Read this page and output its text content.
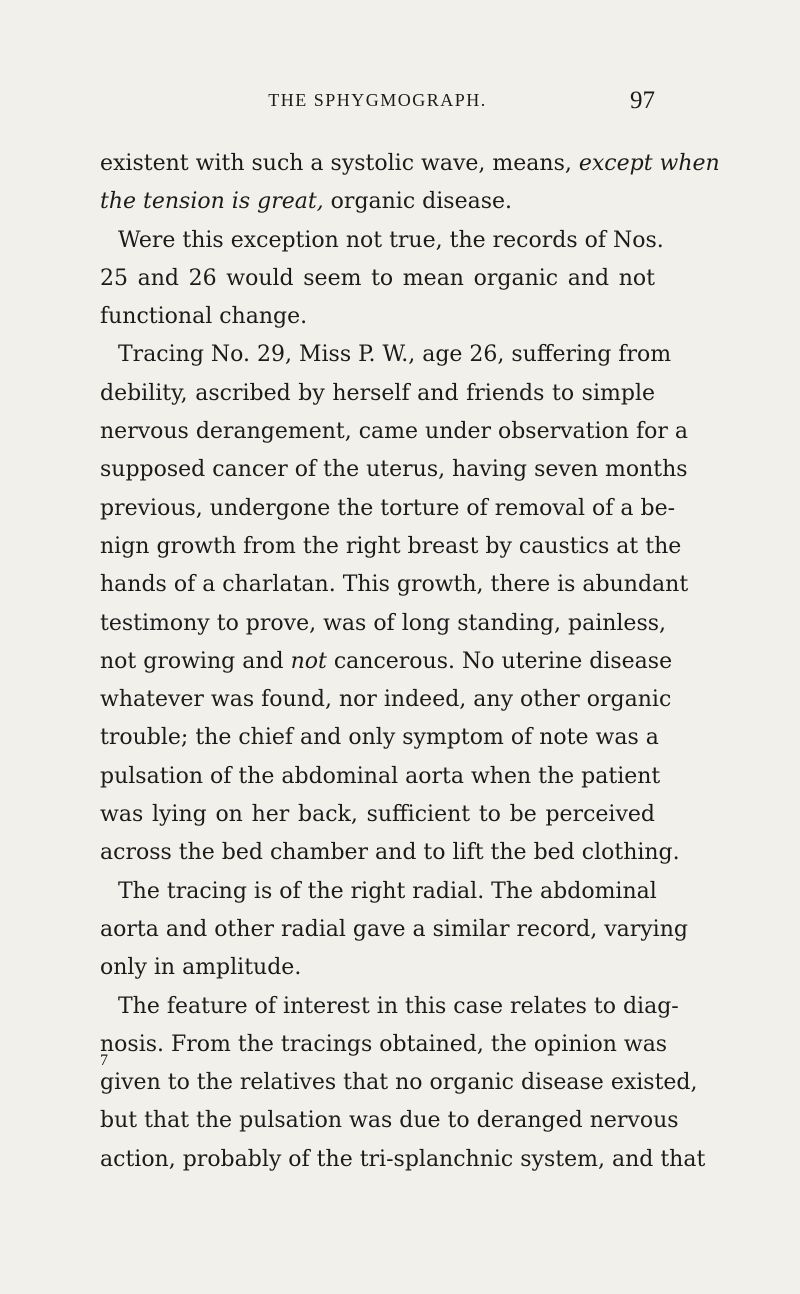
THE SPHYGMOGRAPH.	97
existent with such a systolic wave, means, except when
the tension is great, organic disease.
Were this exception not true, the records of Nos.
25 and 26 would seem to mean organic and not
functional change.
Tracing No. 29, Miss P. W., age 26, suffering from
debility, ascribed by herself and friends to simple
nervous derangement, came under observation for a
supposed cancer of the uterus, having seven months
previous, undergone the torture of removal of a be-
nign growth from the right breast by caustics at the
hands of a charlatan. This growth, there is abundant
testimony to prove, was of long standing, painless,
not growing and not cancerous. No uterine disease
whatever was found, nor indeed, any other organic
trouble; the chief and only symptom of note was a
pulsation of the abdominal aorta when the patient
was lying on her back, sufficient to be perceived
across the bed chamber and to lift the bed clothing.
The tracing is of the right radial. The abdominal
aorta and other radial gave a similar record, varying
only in amplitude.
The feature of interest in this case relates to diag-
nosis. From the tracings obtained, the opinion was
given to the relatives that no organic disease existed,
but that the pulsation was due to deranged nervous
action, probably of the tri-splanchnic system, and that
7
